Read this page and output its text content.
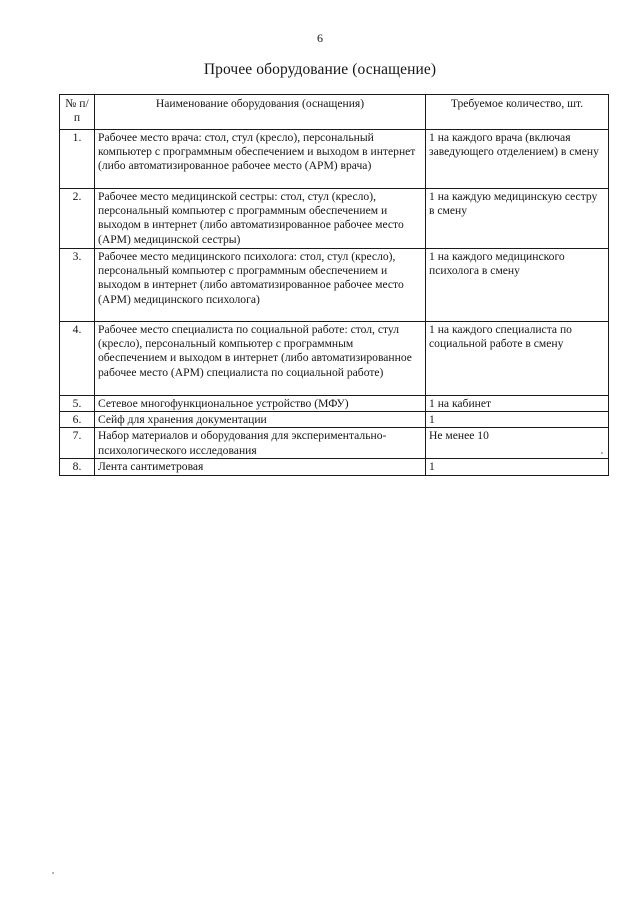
6
Прочее оборудование (оснащение)
№ п/п	Наименование оборудования (оснащения)	Требуемое количество, шт.
1.	Рабочее место врача: стол, стул (кресло), персональный компьютер с программным обеспечением и выходом в интернет (либо автоматизированное рабочее место (АРМ) врача)	1 на каждого врача (включая заведующего отделением) в смену
2.	Рабочее место медицинской сестры: стол, стул (кресло), персональный компьютер с программным обеспечением и выходом в интернет (либо автоматизированное рабочее место (АРМ) медицинской сестры)	1 на каждую медицинскую сестру в смену
3.	Рабочее место медицинского психолога: стол, стул (кресло), персональный компьютер с программным обеспечением и выходом в интернет (либо автоматизированное рабочее место (АРМ) медицинского психолога)	1 на каждого медицинского психолога в смену
4.	Рабочее место специалиста по социальной работе: стол, стул (кресло), персональный компьютер с программным обеспечением и выходом в интернет (либо автоматизированное рабочее место (АРМ) специалиста по социальной работе)	1 на каждого специалиста по социальной работе в смену
5.	Сетевое многофункциональное устройство (МФУ)	1 на кабинет
6.	Сейф для хранения документации	1
7.	Набор материалов и оборудования для экспериментально-психологического исследования	Не менее 10
8.	Лента сантиметровая	1
